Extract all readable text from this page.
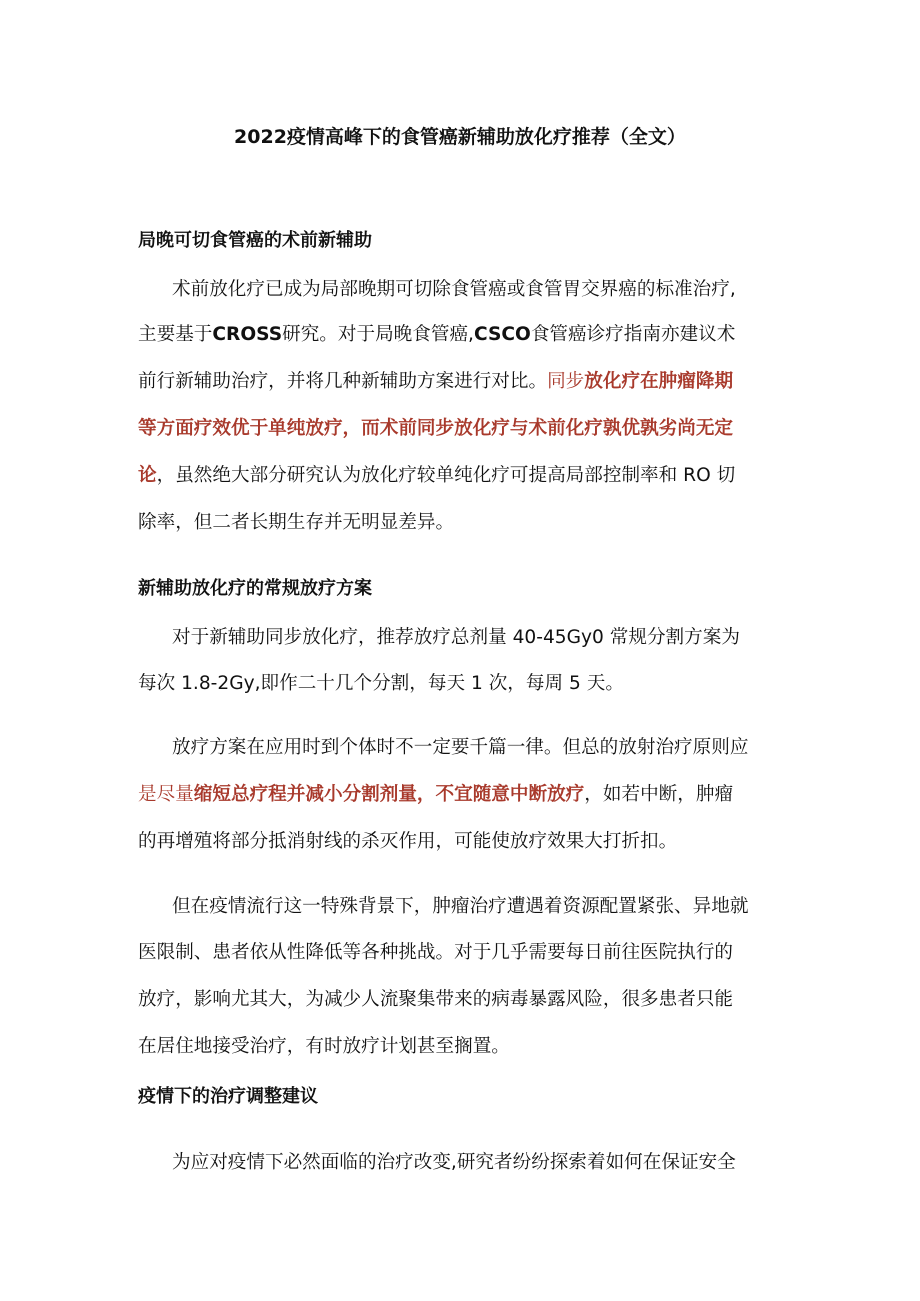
2022疫情高峰下的食管癌新辅助放化疗推荐（全文）
局晚可切食管癌的术前新辅助

术前放化疗已成为局部晚期可切除食管癌或食管胃交界癌的标准治疗,

主要基于CROSS研究。对于局晚食管癌,CSCO食管癌诊疗指南亦建议术

前行新辅助治疗，并将几种新辅助方案进行对比。同步放化疗在肿瘤降期

等方面疗效优于单纯放疗，而术前同步放化疗与术前化疗孰优孰劣尚无定

论，虽然绝大部分研究认为放化疗较单纯化疗可提高局部控制率和 RO 切

除率，但二者长期生存并无明显差异。

新辅助放化疗的常规放疗方案

对于新辅助同步放化疗，推荐放疗总剂量 40-45Gy0 常规分割方案为

每次 1.8-2Gy,即作二十几个分割，每天 1 次，每周 5 天。

放疗方案在应用时到个体时不一定要千篇一律。但总的放射治疗原则应

是尽量缩短总疗程并减小分割剂量，不宜随意中断放疗，如若中断，肿瘤

的再增殖将部分抵消射线的杀灭作用，可能使放疗效果大打折扣。

但在疫情流行这一特殊背景下，肿瘤治疗遭遇着资源配置紧张、异地就

医限制、患者依从性降低等各种挑战。对于几乎需要每日前往医院执行的

放疗，影响尤其大，为减少人流聚集带来的病毒暴露风险，很多患者只能

在居住地接受治疗，有时放疗计划甚至搁置。

疫情下的治疗调整建议

为应对疫情下必然面临的治疗改变,研究者纷纷探索着如何在保证安全
